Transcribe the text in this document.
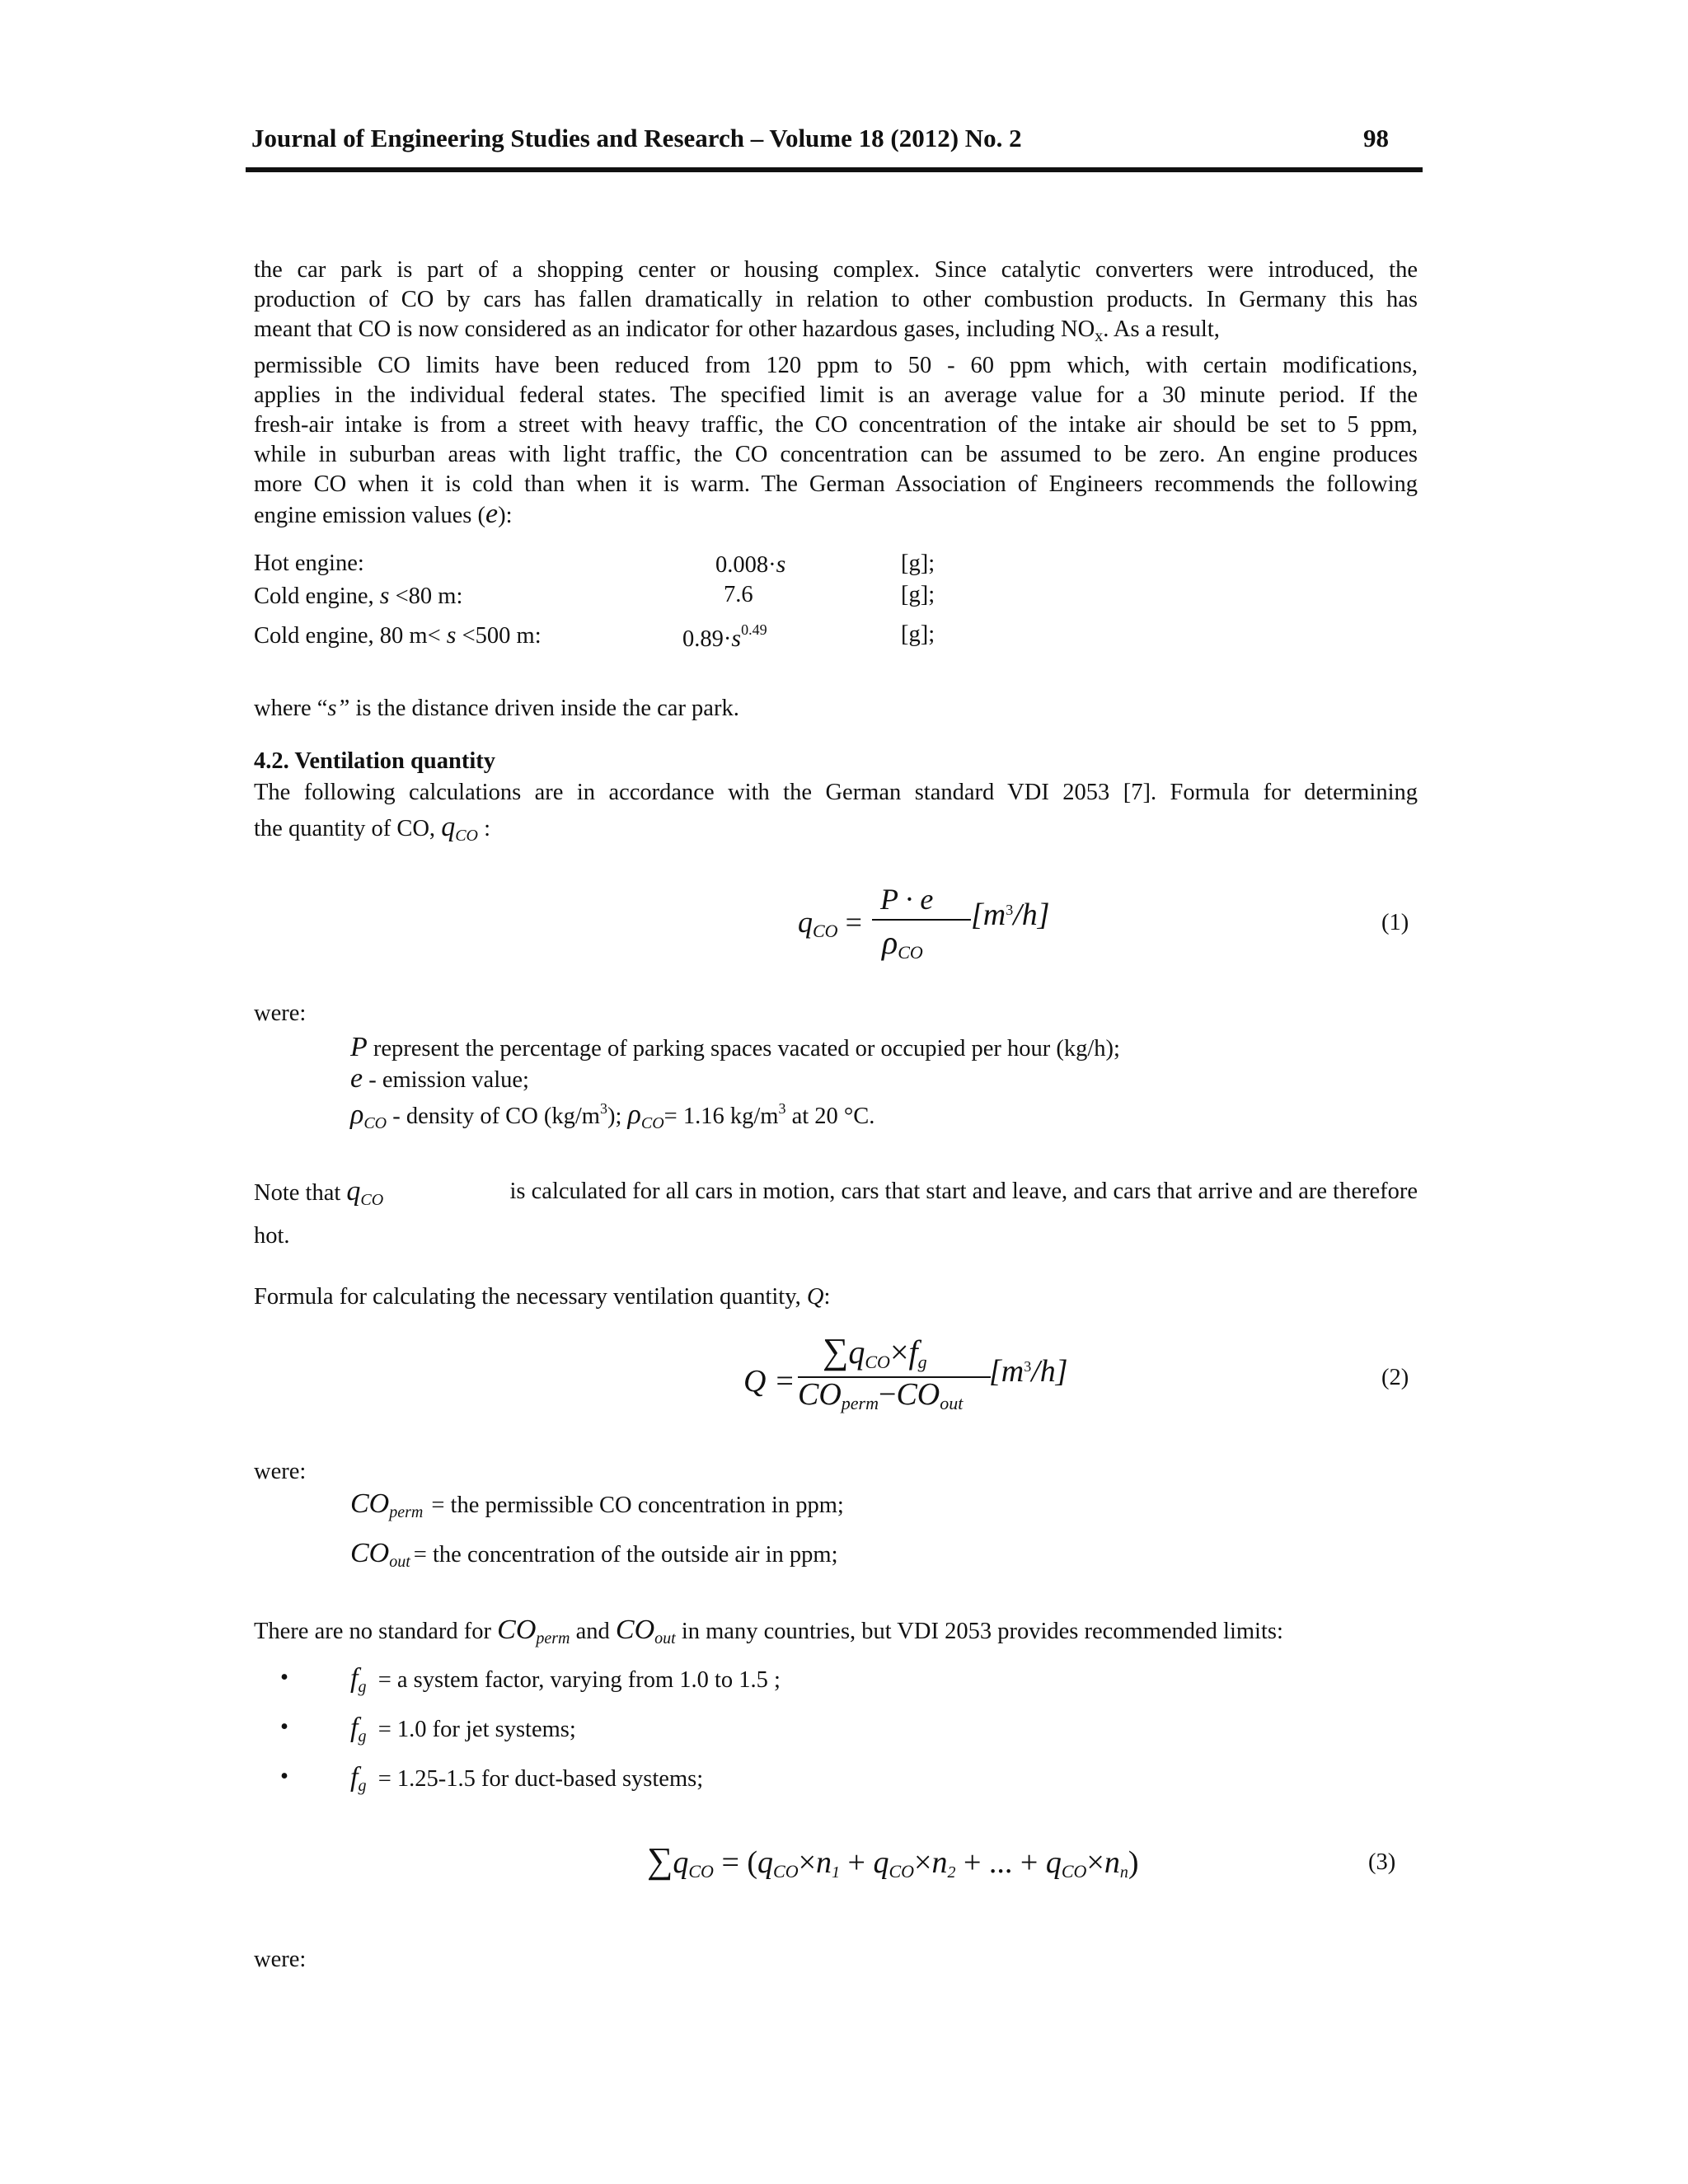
Journal of Engineering Studies and Research – Volume 18 (2012) No. 2	98
the car park is part of a shopping center or housing complex. Since catalytic converters were introduced, the
production of CO by cars has fallen dramatically in relation to other combustion products. In Germany this has
meant that CO is now considered as an indicator for other hazardous gases, including $NO_x$. As a result,
permissible CO limits have been reduced from 120 ppm to 50 - 60 ppm which, with certain modifications,
applies in the individual federal states. The specified limit is an average value for a 30 minute period. If the
fresh-air intake is from a street with heavy traffic, the CO concentration of the intake air should be set to 5 ppm,
while in suburban areas with light traffic, the CO concentration can be assumed to be zero. An engine produces
more CO when it is cold than when it is warm. The German Association of Engineers recommends the following
engine emission values (e):
Hot engine:	0.008·s	[g];
Cold engine, s <80 m:	7.6	[g];
Cold engine, 80 m< s <500 m:	$0.89\cdot s^{0.49}$	[g];
where “s” is the distance driven inside the car park.
4.2. Ventilation quantity
The following calculations are in accordance with the German standard VDI 2053 [7]. Formula for determining
the quantity of CO, $q_{CO}$ :
$q_{CO}$ =
P · e
$\rho_{CO}$
$[m^3/h]$	(1)
were:
P represent the percentage of parking spaces vacated or occupied per hour (kg/h);
e - emission value;
$\rho_{CO}$ - density of CO $(kg/m^3)$; $\rho_{CO}= 1.16$ $kg/m^3$ at 20 °C.
Note that $q_{CO}$	is calculated for all cars in motion, cars that start and leave, and cars that arrive and are therefore
hot.
Formula for calculating the necessary ventilation quantity, Q:
Q =
$\sum q_{CO}\times f_g$
$CO_{perm}-CO_{out}$
$[m^3/h]$	(2)
were:
$CO_{perm}$ = the permissible CO concentration in ppm;
$CO_{out}$ = the concentration of the outside air in ppm;
There are no standard for $CO_{perm}$ and $CO_{out}$ in many countries, but VDI 2053 provides recommended limits:
• $f_g = a$ system factor, varying from 1.0 to 1.5 ;
• $f_g = 1.0$ for jet systems;
• $f_g = 1.25-1.5$ for duct-based systems;
$\sum q_{CO} = (q_{CO}\times n1 + q_{CO}\times n2$ + ... + $q_{CO}\times n_n$)	(3)
were:
